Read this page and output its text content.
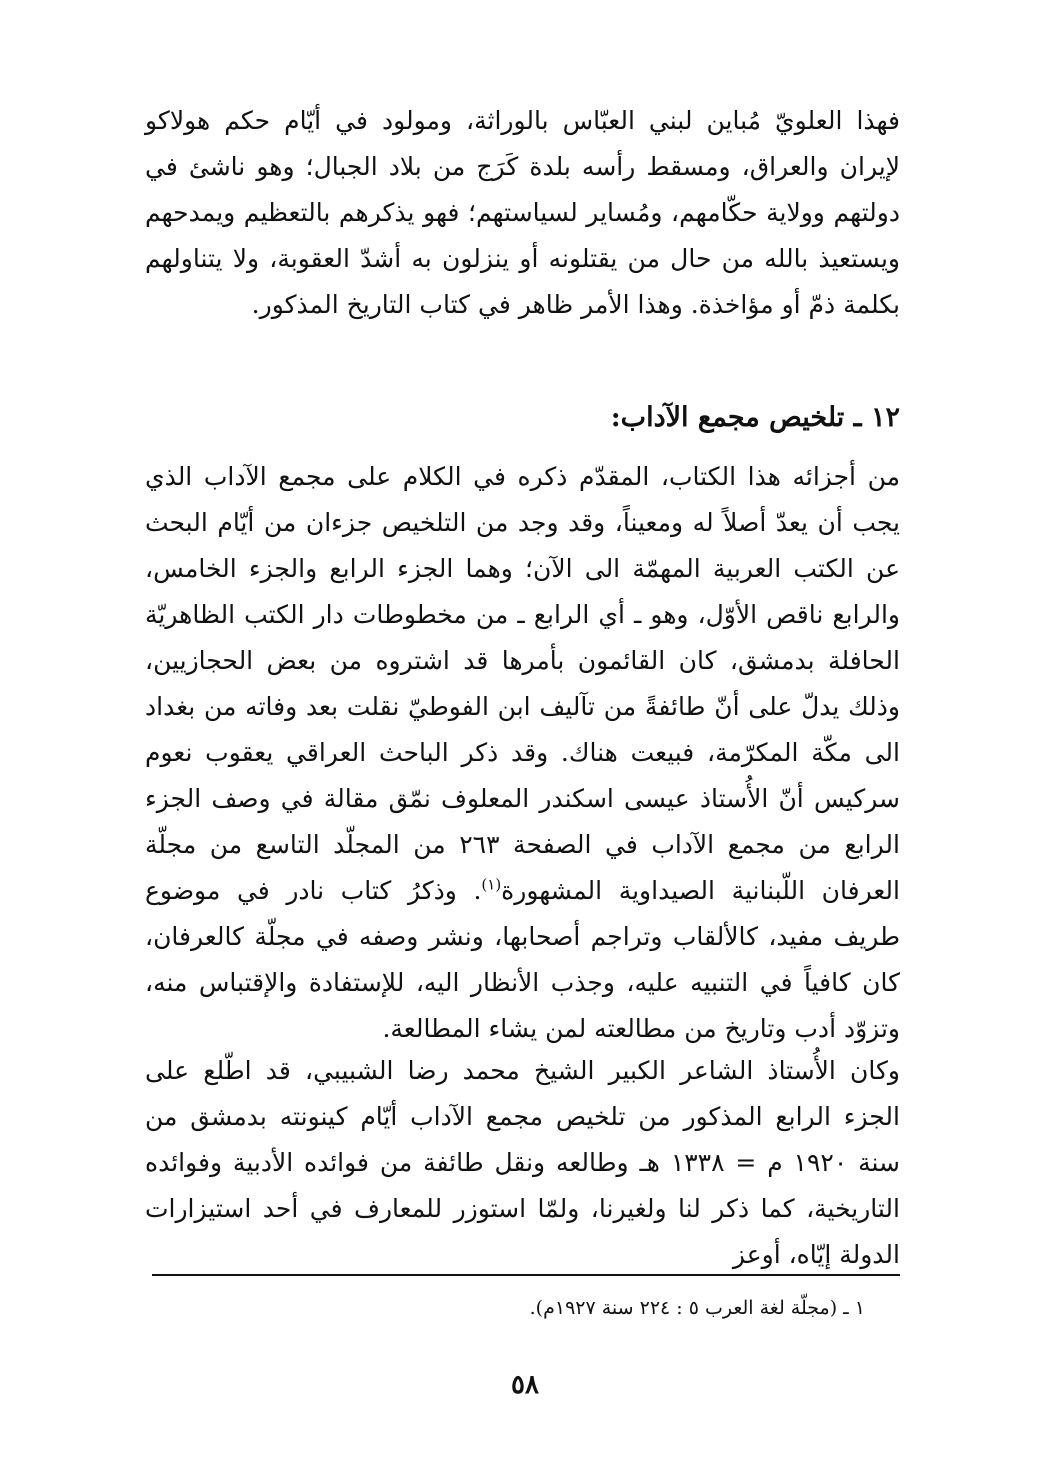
فهذا العلويّ مُباين لبني العبّاس بالوراثة، ومولود في أيّام حكم هولاكو لإيران والعراق، ومسقط رأسه بلدة كَرَج من بلاد الجبال؛ وهو ناشئ في دولتهم وولاية حكّامهم، ومُساير لسياستهم؛ فهو يذكرهم بالتعظيم ويمدحهم ويستعيذ بالله من حال من يقتلونه أو ينزلون به أشدّ العقوبة، ولا يتناولهم بكلمة ذمّ أو مؤاخذة. وهذا الأمر ظاهر في كتاب التاريخ المذكور.

١٢ ـ تلخيص مجمع الآداب:

من أجزائه هذا الكتاب، المقدّم ذكره في الكلام على مجمع الآداب الذي يجب أن يعدّ أصلاً له ومعيناً، وقد وجد من التلخيص جزءان من أيّام البحث عن الكتب العربية المهمّة الى الآن؛ وهما الجزء الرابع والجزء الخامس، والرابع ناقص الأوّل، وهو ـ أي الرابع ـ من مخطوطات دار الكتب الظاهريّة الحافلة بدمشق، كان القائمون بأمرها قد اشتروه من بعض الحجازيين، وذلك يدلّ على أنّ طائفةً من تآليف ابن الفوطيّ نقلت بعد وفاته من بغداد الى مكّة المكرّمة، فبيعت هناك. وقد ذكر الباحث العراقي يعقوب نعوم سركيس أنّ الأُستاذ عيسى اسكندر المعلوف نمّق مقالة في وصف الجزء الرابع من مجمع الآداب في الصفحة ٢٦٣ من المجلّد التاسع من مجلّة العرفان اللّبنانية الصيداوية المشهورة$^{(١)}$. وذكرُ كتاب نادر في موضوع طريف مفيد، كالألقاب وتراجم أصحابها، ونشر وصفه في مجلّة كالعرفان، كان كافياً في التنبيه عليه، وجذب الأنظار اليه، للإستفادة والإقتباس منه، وتزوّد أدب وتاريخ من مطالعته لمن يشاء المطالعة.

وكان الأُستاذ الشاعر الكبير الشيخ محمد رضا الشبيبي، قد اطّلع على الجزء الرابع المذكور من تلخيص مجمع الآداب أيّام كينونته بدمشق من سنة ١٩٢٠ م = ١٣٣٨ هـ وطالعه ونقل طائفة من فوائده الأدبية وفوائده التاريخية، كما ذكر لنا ولغيرنا، ولمّا استوزر للمعارف في أحد استيزارات الدولة إيّاه، أوعز

١ ـ (مجلّة لغة العرب ٥ : ٢٢٤ سنة ١٩٢٧م).
٥٨
